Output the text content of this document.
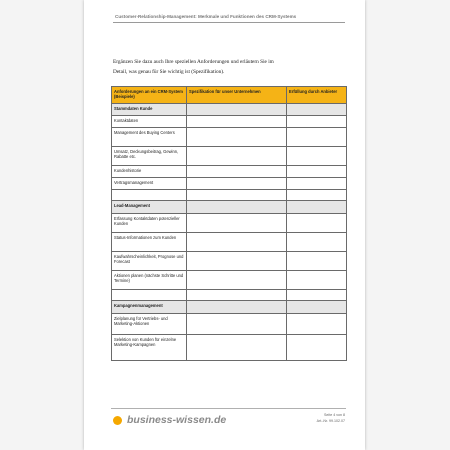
Customer-Relationship-Management: Merkmale und Funktionen des CRM-Systems
Ergänzen Sie dazu auch Ihre speziellen Anforderungen und erläutern Sie im
Detail, was genau für Sie wichtig ist (Spezifikation).
Anforderungen an ein CRM-System (Beispiele)	Spezifikation für unser Unternehmen	Erfüllung durch Anbieter
Stammdaten Kunde		
Kontaktdaten		
Management des Buying Centers		
Umsatz, Deckungsbeitrag, Gewinn, Rabatte etc.		
Kundenhistorie		
Vertragsmanagement		

Lead-Management		
Erfassung Kontaktdaten potenzieller Kunden		
Status-Informationen zum Kunden		
Kaufwahrscheinlichkeit, Prognose und Forecast		
Aktionen planen (nächste Schritte und Termine)		

Kampagnenmanagement		
Zielplanung für Vertriebs- und Marketing-Aktionen		
Selektion von Kunden für einzelne Marketing-Kampagnen		
business-wissen.de	Seite 4 von 8
Art.-Nr. 99.102.07
